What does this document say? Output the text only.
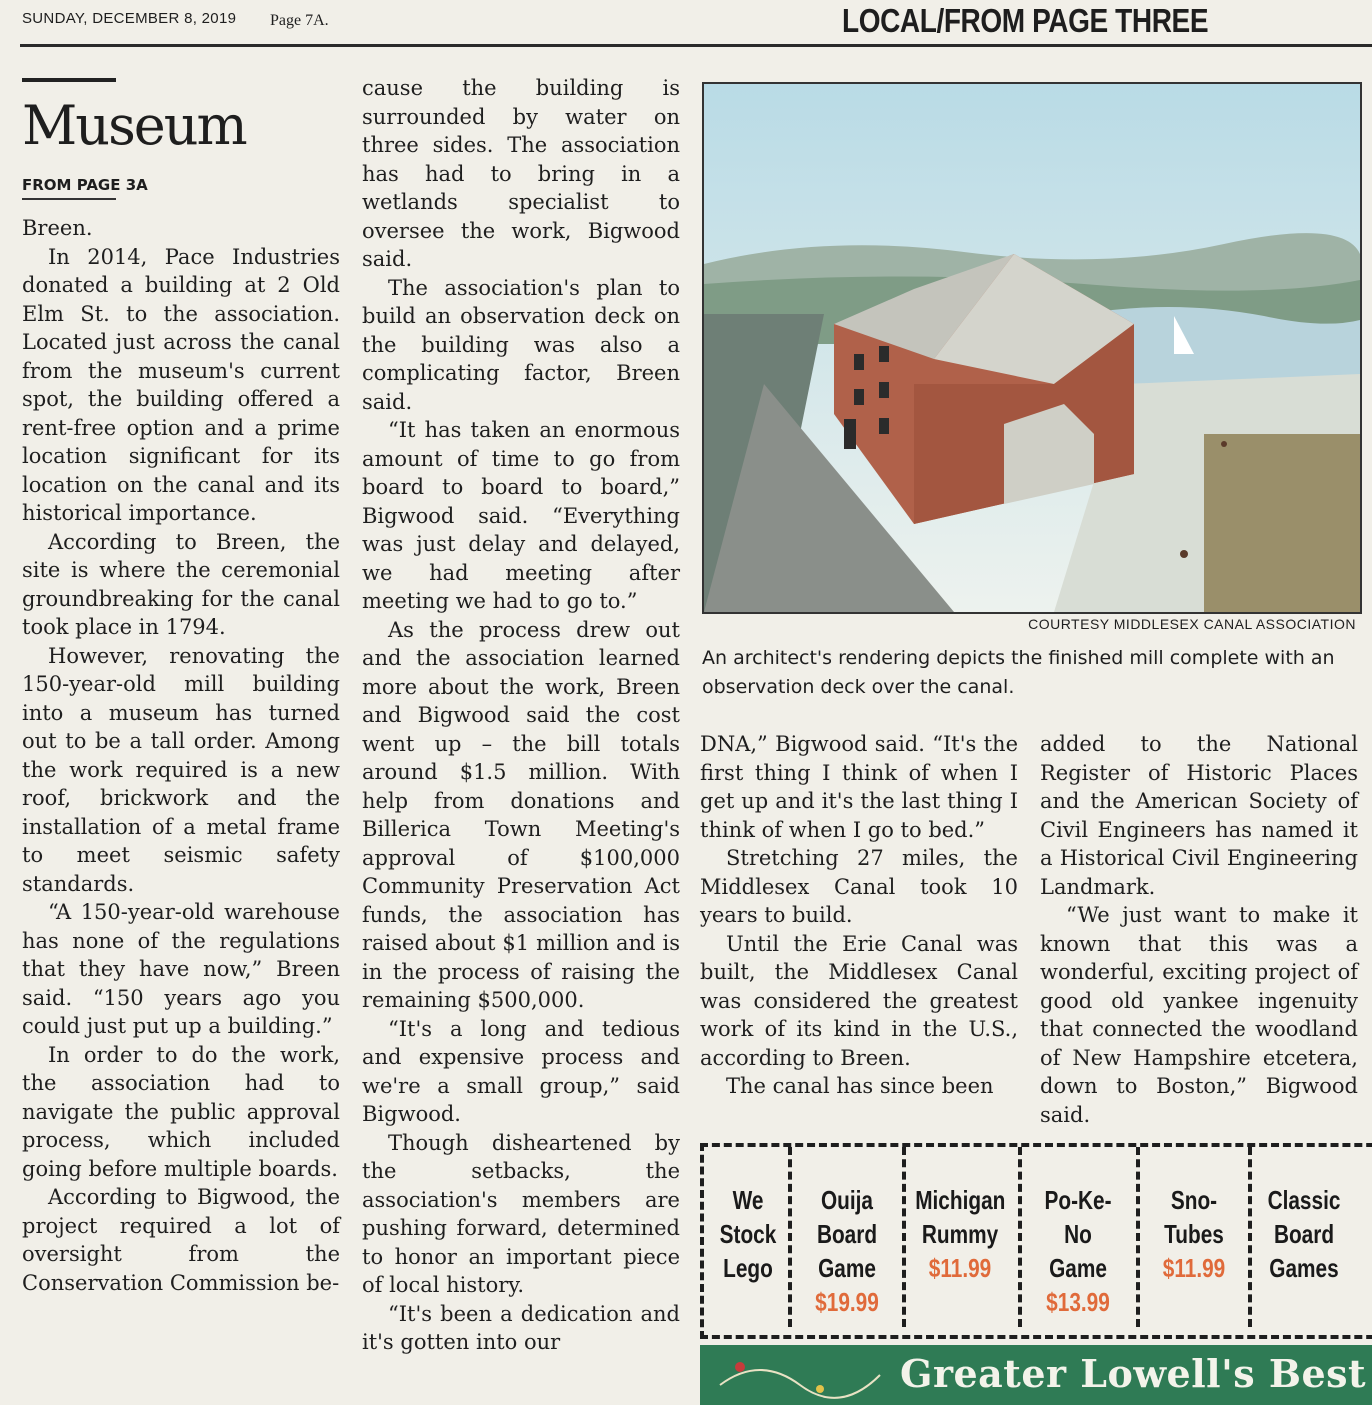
SUNDAY, DECEMBER 8, 2019 Page 7A.	LOCAL/FROM PAGE THREE
Museum
FROM PAGE 3A

Breen.

In 2014, Pace Industries donated a building at 2 Old Elm St. to the association. Located just across the canal from the museum's current spot, the building offered a rent-free option and a prime location significant for its location on the canal and its historical importance.

According to Breen, the site is where the ceremonial groundbreaking for the canal took place in 1794.

However, renovating the 150-year-old mill building into a museum has turned out to be a tall order. Among the work required is a new roof, brickwork and the installation of a metal frame to meet seismic safety standards.

“A 150-year-old warehouse has none of the regulations that they have now,” Breen said. “150 years ago you could just put up a building.”

In order to do the work, the association had to navigate the public approval process, which included going before multiple boards.

According to Bigwood, the project required a lot of oversight from the Conservation Commission be-

cause the building is surrounded by water on three sides. The association has had to bring in a wetlands specialist to oversee the work, Bigwood said.

The association's plan to build an observation deck on the building was also a complicating factor, Breen said.

“It has taken an enormous amount of time to go from board to board to board,” Bigwood said. “Everything was just delay and delayed, we had meeting after meeting we had to go to.”

As the process drew out and the association learned more about the work, Breen and Bigwood said the cost went up – the bill totals around $1.5 million. With help from donations and Billerica Town Meeting's approval of $100,000 Community Preservation Act funds, the association has raised about $1 million and is in the process of raising the remaining $500,000.

“It's a long and tedious and expensive process and we're a small group,” said Bigwood.

Though disheartened by the setbacks, the association's members are pushing forward, determined to honor an important piece of local history.

“It's been a dedication and it's gotten into our

COURTESY MIDDLESEX CANAL ASSOCIATION
An architect's rendering depicts the finished mill complete with an observation deck over the canal.

DNA,” Bigwood said. “It's the first thing I think of when I get up and it's the last thing I think of when I go to bed.”

Stretching 27 miles, the Middlesex Canal took 10 years to build.

Until the Erie Canal was built, the Middlesex Canal was considered the greatest work of its kind in the U.S., according to Breen.

The canal has since been

added to the National Register of Historic Places and the American Society of Civil Engineers has named it a Historical Civil Engineering Landmark.

“We just want to make it known that this was a wonderful, exciting project of good old yankee ingenuity that connected the woodland of New Hampshire etcetera, down to Boston,” Bigwood said.

We
Stock
Lego
Ouija
Board
Game
$19.99
Michigan
Rummy
$11.99
Po-Ke-No
Game
$13.99
Sno-
Tubes
$11.99
Classic
Board
Games
Greater Lowell's Best
